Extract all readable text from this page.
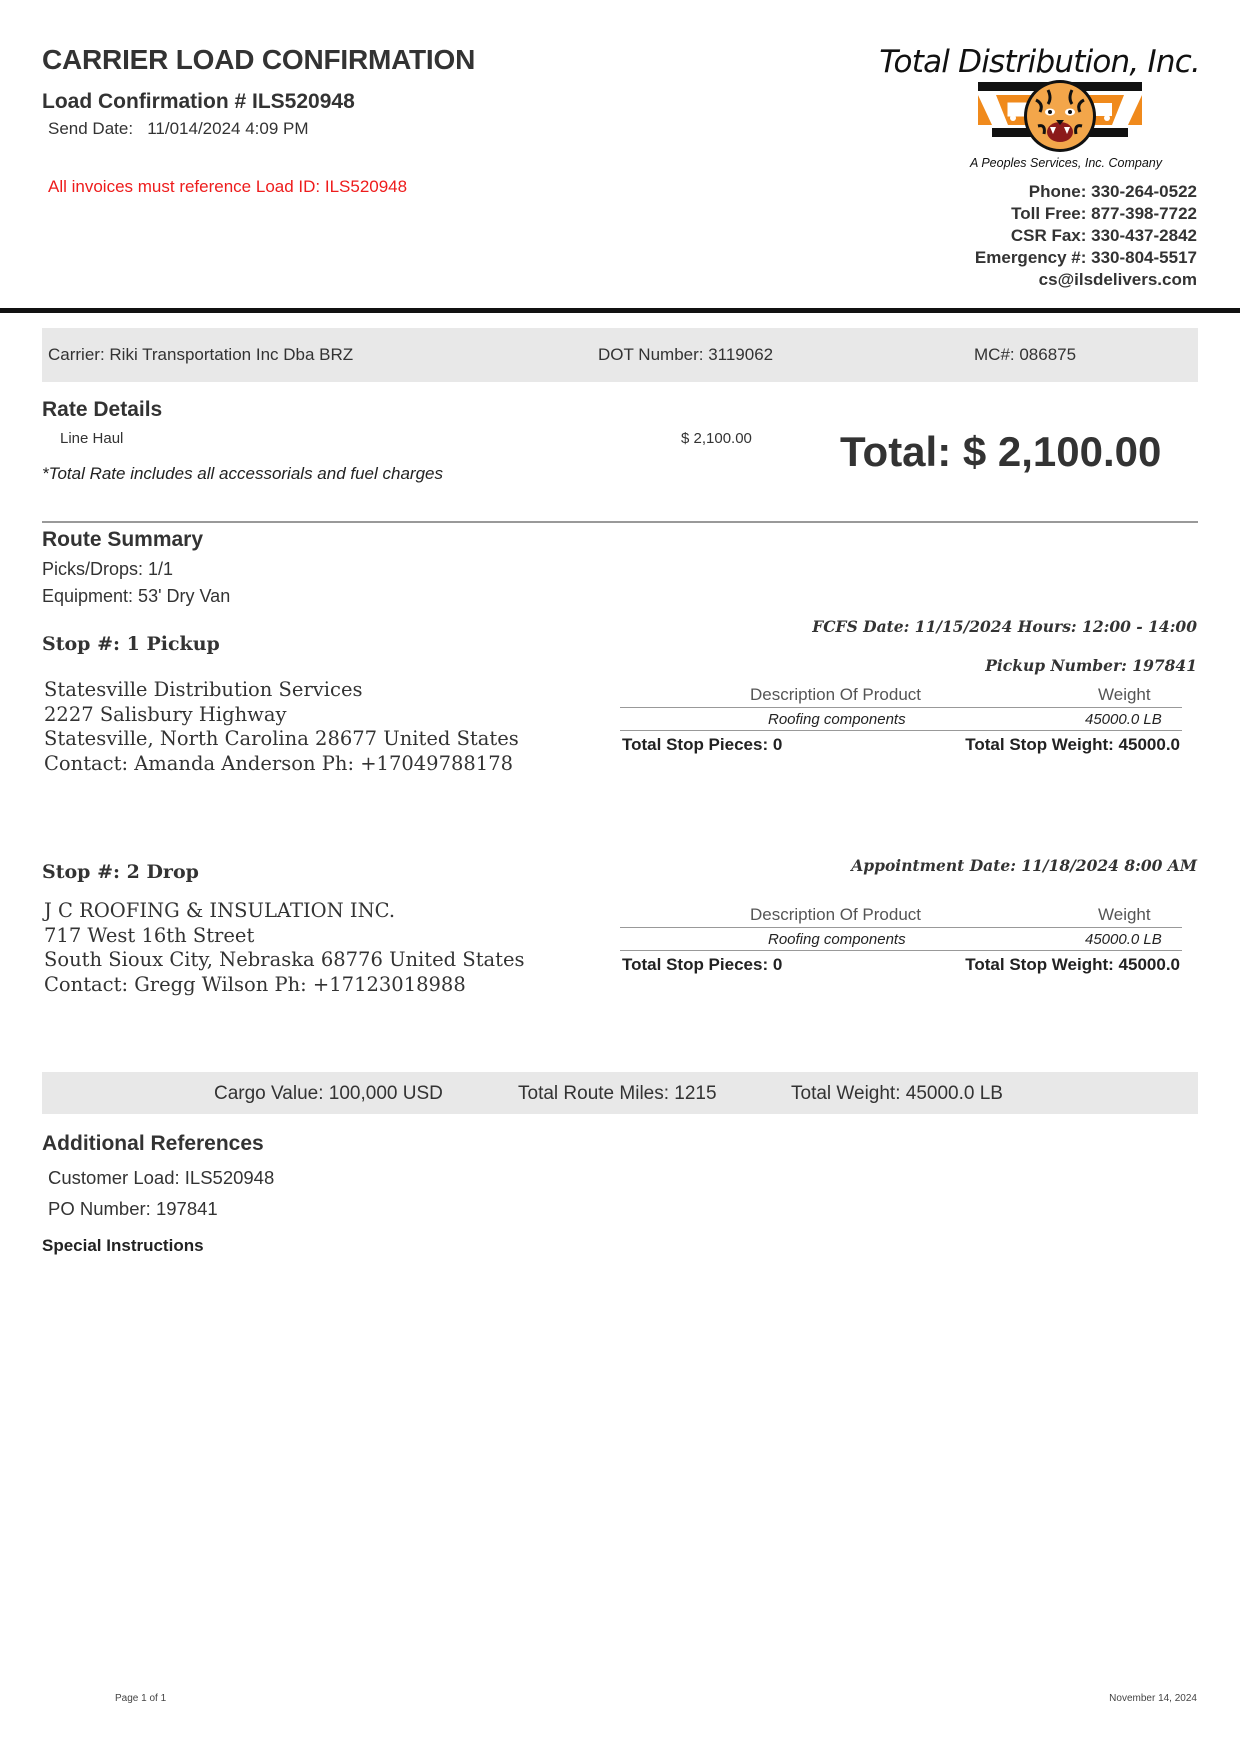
CARRIER LOAD CONFIRMATION
Load Confirmation # ILS520948
Send Date:   11/014/2024 4:09 PM
All invoices must reference Load ID: ILS520948
Total Distribution, Inc.
A Peoples Services, Inc. Company
Phone: 330-264-0522
Toll Free: 877-398-7722
CSR Fax: 330-437-2842
Emergency #: 330-804-5517
cs@ilsdelivers.com
Carrier: Riki Transportation Inc Dba BRZ	DOT Number: 3119062	MC#: 086875
Rate Details
Line Haul	$ 2,100.00 Total: $ 2,100.00
*Total Rate includes all accessorials and fuel charges
Route Summary
Picks/Drops: 1/1
Equipment: 53' Dry Van
FCFS Date: 11/15/2024 Hours: 12:00 - 14:00
Stop #: 1 Pickup
Pickup Number: 197841
Statesville Distribution Services
2227 Salisbury Highway
Statesville, North Carolina 28677 United States
Contact: Amanda Anderson Ph: +17049788178
Description Of Product	Weight
Roofing components	45000.0 LB
Total Stop Pieces: 0	Total Stop Weight: 45000.0
Appointment Date: 11/18/2024 8:00 AM
Stop #: 2 Drop
J C ROOFING & INSULATION INC.
717 West 16th Street
South Sioux City, Nebraska 68776 United States
Contact: Gregg Wilson Ph: +17123018988
Description Of Product	Weight
Roofing components	45000.0 LB
Total Stop Pieces: 0	Total Stop Weight: 45000.0
Cargo Value: 100,000 USD	Total Route Miles: 1215	Total Weight: 45000.0 LB
Additional References
Customer Load: ILS520948
PO Number: 197841
Special Instructions
Page 1 of 1	November 14, 2024
